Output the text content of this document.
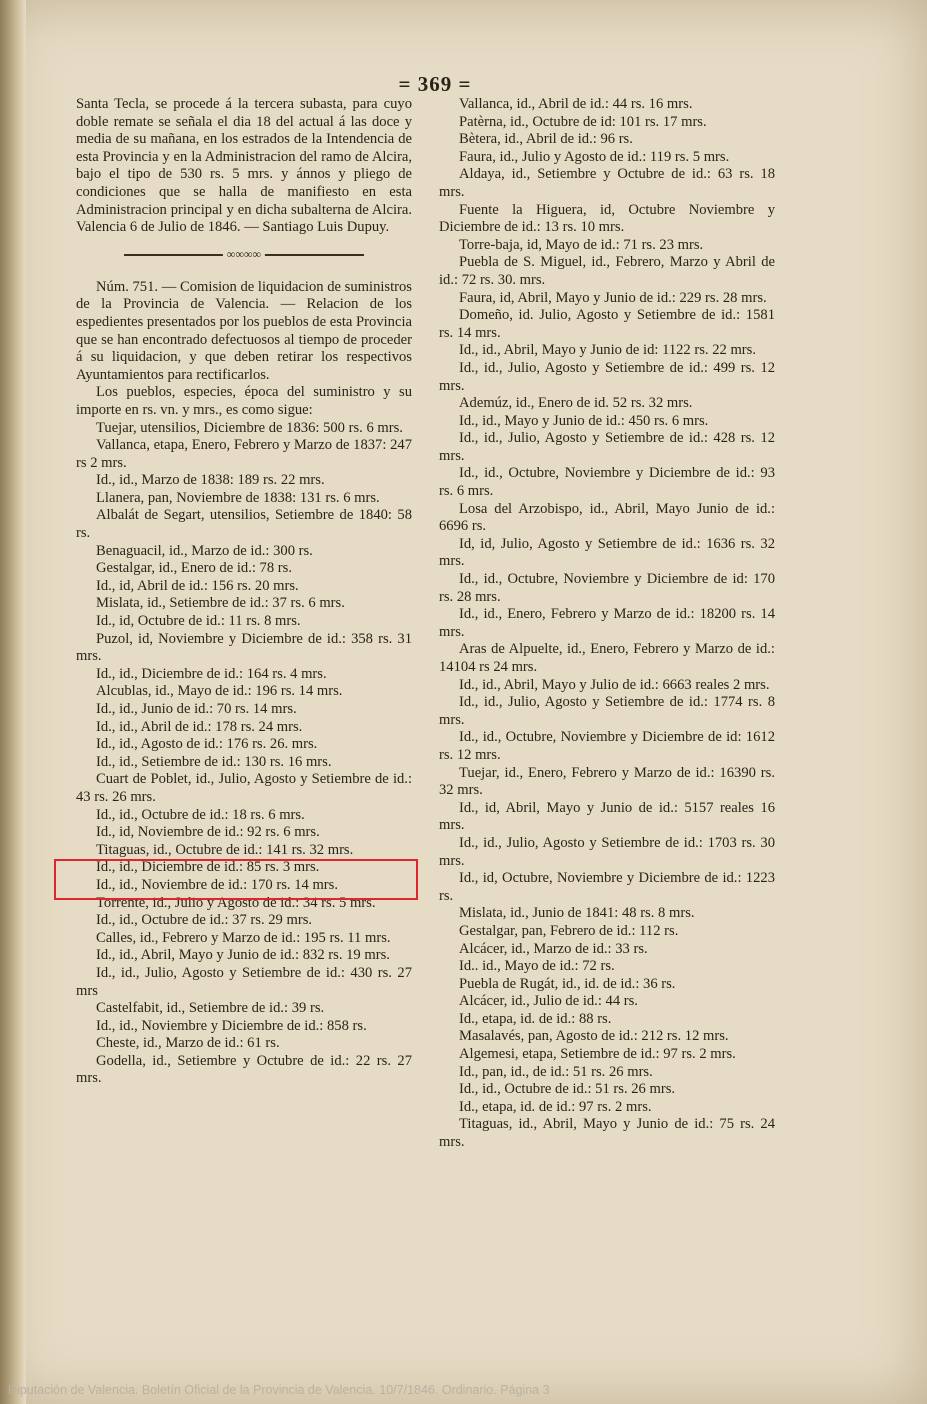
= 369 =

Santa Tecla, se procede á la tercera subasta, para cuyo doble remate se señala el dia 18 del actual á las doce y media de su mañana, en los estrados de la Intendencia de esta Provincia y en la Administracion del ramo de Alcira, bajo el tipo de 530 rs. 5 mrs. y ánnos y pliego de condiciones que se halla de manifiesto en esta Administracion principal y en dicha subalterna de Alcira. Valencia 6 de Julio de 1846. — Santiago Luis Dupuy.

∞∞∞∞

Núm. 751. — Comision de liquidacion de suministros de la Provincia de Valencia. — Relacion de los espedientes presentados por los pueblos de esta Provincia que se han encontrado defectuosos al tiempo de proceder á su liquidacion, y que deben retirar los respectivos Ayuntamientos para rectificarlos.

Los pueblos, especies, época del suministro y su importe en rs. vn. y mrs., es como sigue:

Tuejar, utensilios, Diciembre de 1836: 500 rs. 6 mrs.

Vallanca, etapa, Enero, Febrero y Marzo de 1837: 247 rs 2 mrs.

Id., id., Marzo de 1838: 189 rs. 22 mrs.

Llanera, pan, Noviembre de 1838: 131 rs. 6 mrs.

Albalát de Segart, utensilios, Setiembre de 1840: 58 rs.

Benaguacil, id., Marzo de id.: 300 rs.

Gestalgar, id., Enero de id.: 78 rs.

Id., id, Abril de id.: 156 rs. 20 mrs.

Mislata, id., Setiembre de id.: 37 rs. 6 mrs.

Id., id, Octubre de id.: 11 rs. 8 mrs.

Puzol, id, Noviembre y Diciembre de id.: 358 rs. 31 mrs.

Id., id., Diciembre de id.: 164 rs. 4 mrs.

Alcublas, id., Mayo de id.: 196 rs. 14 mrs.

Id., id., Junio de id.: 70 rs. 14 mrs.

Id., id., Abril de id.: 178 rs. 24 mrs.

Id., id., Agosto de id.: 176 rs. 26. mrs.

Id., id., Setiembre de id.: 130 rs. 16 mrs.

Cuart de Poblet, id., Julio, Agosto y Setiembre de id.: 43 rs. 26 mrs.

Id., id., Octubre de id.: 18 rs. 6 mrs.

Id., id, Noviembre de id.: 92 rs. 6 mrs.

Titaguas, id., Octubre de id.: 141 rs. 32 mrs.

Id., id., Diciembre de id.: 85 rs. 3 mrs.

Id., id., Noviembre de id.: 170 rs. 14 mrs.

Torrente, id., Julio y Agosto de id.: 34 rs. 5 mrs.

Id., id., Octubre de id.: 37 rs. 29 mrs.

Calles, id., Febrero y Marzo de id.: 195 rs. 11 mrs.

Id., id., Abril, Mayo y Junio de id.: 832 rs. 19 mrs.

Id., id., Julio, Agosto y Setiembre de id.: 430 rs. 27 mrs

Castelfabit, id., Setiembre de id.: 39 rs.

Id., id., Noviembre y Diciembre de id.: 858 rs.

Cheste, id., Marzo de id.: 61 rs.

Godella, id., Setiembre y Octubre de id.: 22 rs. 27 mrs.

Vallanca, id., Abril de id.: 44 rs. 16 mrs.

Patèrna, id., Octubre de id: 101 rs. 17 mrs.

Bètera, id., Abril de id.: 96 rs.

Faura, id., Julio y Agosto de id.: 119 rs. 5 mrs.

Aldaya, id., Setiembre y Octubre de id.: 63 rs. 18 mrs.

Fuente la Higuera, id, Octubre Noviembre y Diciembre de id.: 13 rs. 10 mrs.

Torre-baja, id, Mayo de id.: 71 rs. 23 mrs.

Puebla de S. Miguel, id., Febrero, Marzo y Abril de id.: 72 rs. 30. mrs.

Faura, id, Abril, Mayo y Junio de id.: 229 rs. 28 mrs.

Domeño, id. Julio, Agosto y Setiembre de id.: 1581 rs. 14 mrs.

Id., id., Abril, Mayo y Junio de id: 1122 rs. 22 mrs.

Id., id., Julio, Agosto y Setiembre de id.: 499 rs. 12 mrs.

Ademúz, id., Enero de id. 52 rs. 32 mrs.

Id., id., Mayo y Junio de id.: 450 rs. 6 mrs.

Id., id., Julio, Agosto y Setiembre de id.: 428 rs. 12 mrs.

Id., id., Octubre, Noviembre y Diciembre de id.: 93 rs. 6 mrs.

Losa del Arzobispo, id., Abril, Mayo Junio de id.: 6696 rs.

Id, id, Julio, Agosto y Setiembre de id.: 1636 rs. 32 mrs.

Id., id., Octubre, Noviembre y Diciembre de id: 170 rs. 28 mrs.

Id., id., Enero, Febrero y Marzo de id.: 18200 rs. 14 mrs.

Aras de Alpuelte, id., Enero, Febrero y Marzo de id.: 14104 rs 24 mrs.

Id., id., Abril, Mayo y Julio de id.: 6663 reales 2 mrs.

Id., id., Julio, Agosto y Setiembre de id.: 1774 rs. 8 mrs.

Id., id., Octubre, Noviembre y Diciembre de id: 1612 rs. 12 mrs.

Tuejar, id., Enero, Febrero y Marzo de id.: 16390 rs. 32 mrs.

Id., id, Abril, Mayo y Junio de id.: 5157 reales 16 mrs.

Id., id., Julio, Agosto y Setiembre de id.: 1703 rs. 30 mrs.

Id., id, Octubre, Noviembre y Diciembre de id.: 1223 rs.

Mislata, id., Junio de 1841: 48 rs. 8 mrs.

Gestalgar, pan, Febrero de id.: 112 rs.

Alcácer, id., Marzo de id.: 33 rs.

Id.. id., Mayo de id.: 72 rs.

Puebla de Rugát, id., id. de id.: 36 rs.

Alcácer, id., Julio de id.: 44 rs.

Id., etapa, id. de id.: 88 rs.

Masalavés, pan, Agosto de id.: 212 rs. 12 mrs.

Algemesi, etapa, Setiembre de id.: 97 rs. 2 mrs.

Id., pan, id., de id.: 51 rs. 26 mrs.

Id., id., Octubre de id.: 51 rs. 26 mrs.

Id., etapa, id. de id.: 97 rs. 2 mrs.

Titaguas, id., Abril, Mayo y Junio de id.: 75 rs. 24 mrs.

Diputación de Valencia. Boletín Oficial de la Provincia de Valencia. 10/7/1846. Ordinario. Página 3
